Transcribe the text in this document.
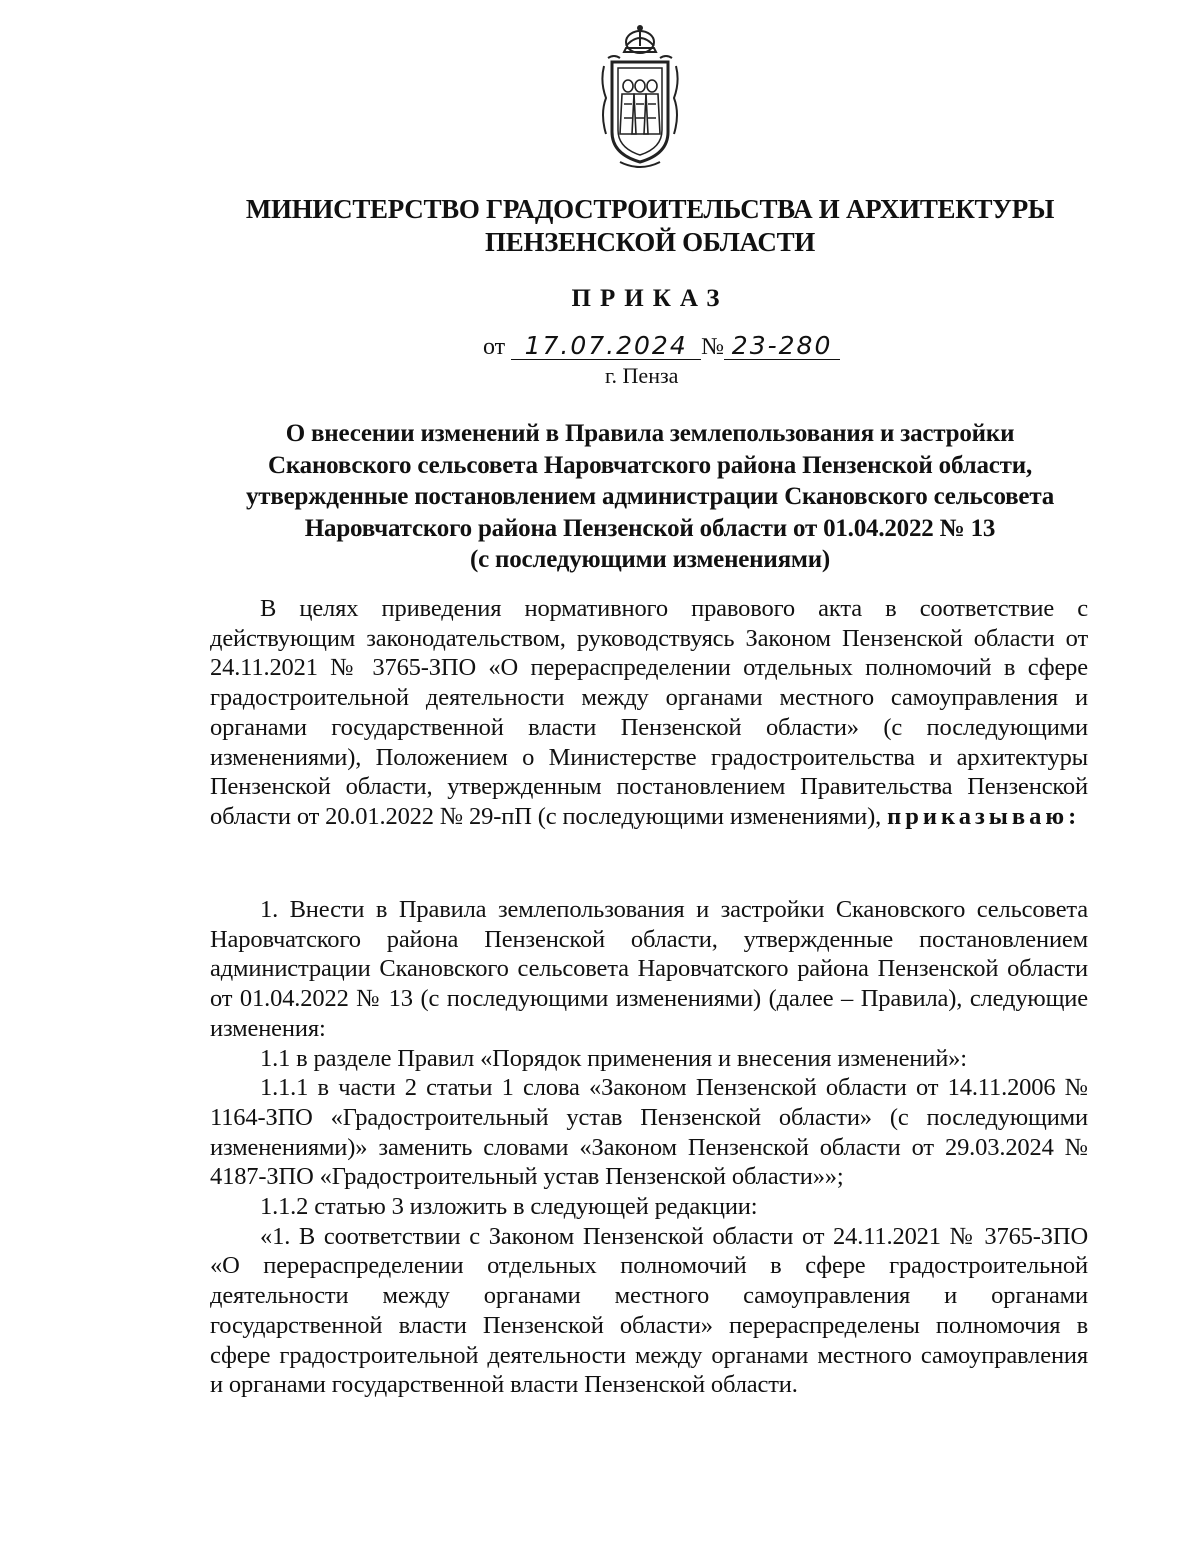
МИНИСТЕРСТВО ГРАДОСТРОИТЕЛЬСТВА И АРХИТЕКТУРЫ
ПЕНЗЕНСКОЙ ОБЛАСТИ
ПРИКАЗ
от 17.07.2024 № 23-280
г. Пенза
О внесении изменений в Правила землепользования и застройки
Скановского сельсовета Наровчатского района Пензенской области,
утвержденные постановлением администрации Скановского сельсовета
Наровчатского района Пензенской области от 01.04.2022 № 13
(с последующими изменениями)

В целях приведения нормативного правового акта в соответствие с действующим законодательством, руководствуясь Законом Пензенской области от 24.11.2021 № 3765-ЗПО «О перераспределении отдельных полномочий в сфере градостроительной деятельности между органами местного самоуправления и органами государственной власти Пензенской области» (с последующими изменениями), Положением о Министерстве градостроительства и архитектуры Пензенской области, утвержденным постановлением Правительства Пензенской области от 20.01.2022 № 29-пП (с последующими изменениями), приказываю:

1. Внести в Правила землепользования и застройки Скановского сельсовета Наровчатского района Пензенской области, утвержденные постановлением администрации Скановского сельсовета Наровчатского района Пензенской области от 01.04.2022 № 13 (с последующими изменениями) (далее – Правила), следующие изменения:

1.1 в разделе Правил «Порядок применения и внесения изменений»:

1.1.1 в части 2 статьи 1 слова «Законом Пензенской области от 14.11.2006 № 1164-ЗПО «Градостроительный устав Пензенской области» (с последующими изменениями)» заменить словами «Законом Пензенской области от 29.03.2024 № 4187-ЗПО «Градостроительный устав Пензенской области»»;

1.1.2 статью 3 изложить в следующей редакции:

«1. В соответствии с Законом Пензенской области от 24.11.2021 № 3765-ЗПО «О перераспределении отдельных полномочий в сфере градостроительной деятельности между органами местного самоуправления и органами государственной власти Пензенской области» перераспределены полномочия в сфере градостроительной деятельности между органами местного самоуправления и органами государственной власти Пензенской области.
